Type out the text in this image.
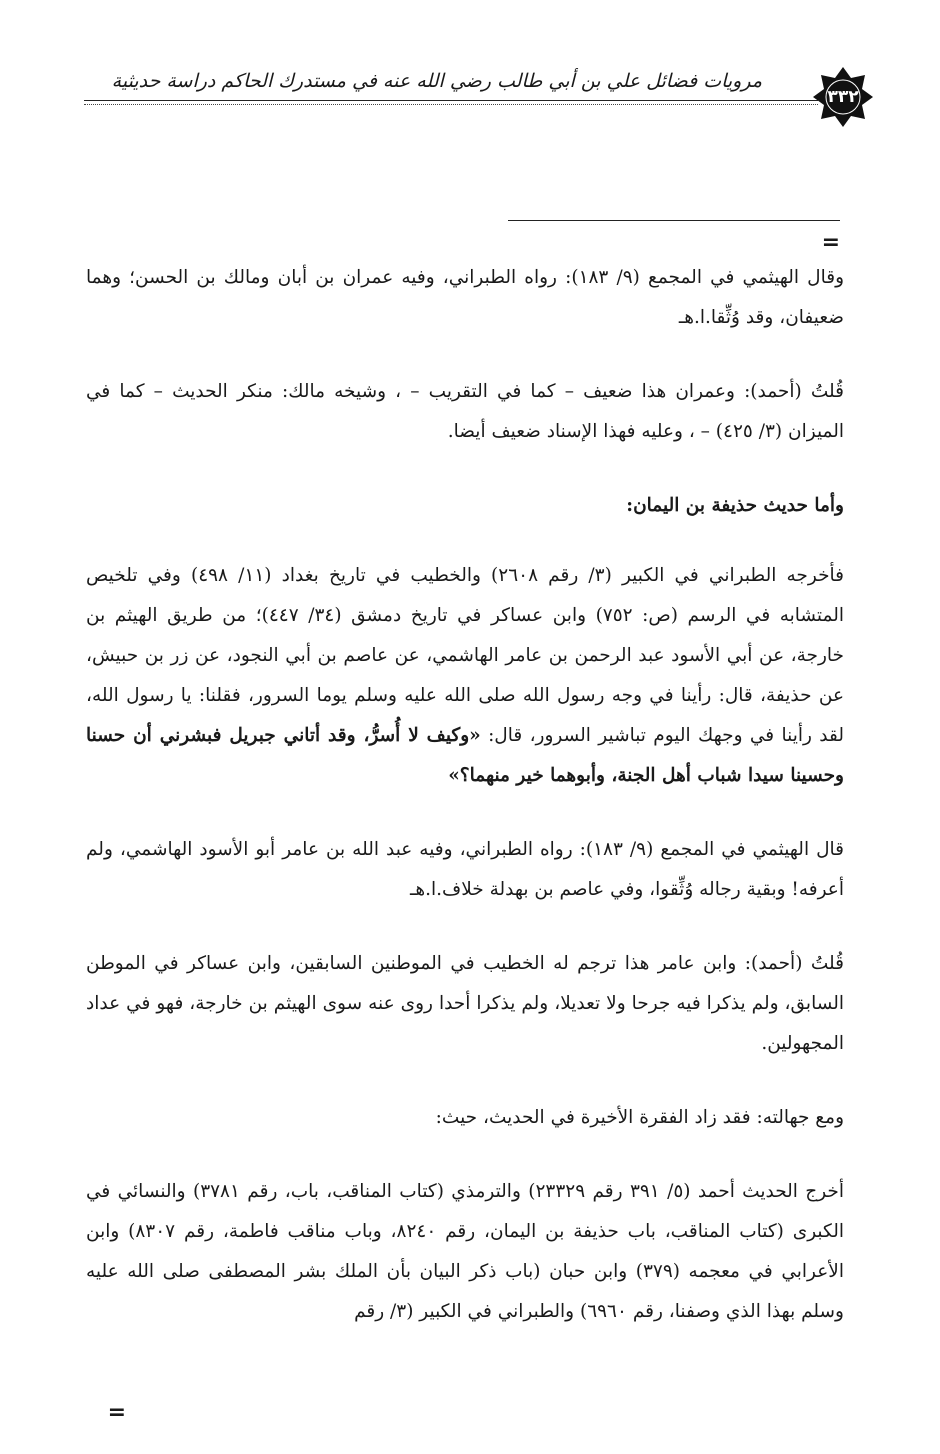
مرويات فضائل علي بن أبي طالب رضي الله عنه في مستدرك الحاكم دراسة حديثية
٣٣٢
=

وقال الهيثمي في المجمع (٩/ ١٨٣): رواه الطبراني، وفيه عمران بن أبان ومالك بن الحسن؛ وهما ضعيفان، وقد وُثِّقا.ا.هـ

قُلتُ (أحمد): وعمران هذا ضعيف – كما في التقريب – ، وشيخه مالك: منكر الحديث – كما في الميزان (٣/ ٤٢٥) – ، وعليه فهذا الإسناد ضعيف أيضا.

وأما حديث حذيفة بن اليمان:

فأخرجه الطبراني في الكبير (٣/ رقم ٢٦٠٨) والخطيب في تاريخ بغداد (١١/ ٤٩٨) وفي تلخيص المتشابه في الرسم (ص: ٧٥٢) وابن عساكر في تاريخ دمشق (٣٤/ ٤٤٧)؛ من طريق الهيثم بن خارجة، عن أبي الأسود عبد الرحمن بن عامر الهاشمي، عن عاصم بن أبي النجود، عن زر بن حبيش، عن حذيفة، قال: رأينا في وجه رسول الله صلى الله عليه وسلم يوما السرور، فقلنا: يا رسول الله، لقد رأينا في وجهك اليوم تباشير السرور، قال: «وكيف لا أُسرُّ، وقد أتاني جبريل فبشرني أن حسنا وحسينا سيدا شباب أهل الجنة، وأبوهما خير منهما؟»

قال الهيثمي في المجمع (٩/ ١٨٣): رواه الطبراني، وفيه عبد الله بن عامر أبو الأسود الهاشمي، ولم أعرفه! وبقية رجاله وُثِّقوا، وفي عاصم بن بهدلة خلاف.ا.هـ

قُلتُ (أحمد): وابن عامر هذا ترجم له الخطيب في الموطنين السابقين، وابن عساكر في الموطن السابق، ولم يذكرا فيه جرحا ولا تعديلا، ولم يذكرا أحدا روى عنه سوى الهيثم بن خارجة، فهو في عداد المجهولين.

ومع جهالته: فقد زاد الفقرة الأخيرة في الحديث، حيث:

أخرج الحديث أحمد (٥/ ٣٩١ رقم ٢٣٣٢٩) والترمذي (كتاب المناقب، باب، رقم ٣٧٨١) والنسائي في الكبرى (كتاب المناقب، باب حذيفة بن اليمان، رقم ٨٢٤٠، وباب مناقب فاطمة، رقم ٨٣٠٧) وابن الأعرابي في معجمه (٣٧٩) وابن حبان (باب ذكر البيان بأن الملك بشر المصطفى صلى الله عليه وسلم بهذا الذي وصفنا، رقم ٦٩٦٠) والطبراني في الكبير (٣/ رقم

=
